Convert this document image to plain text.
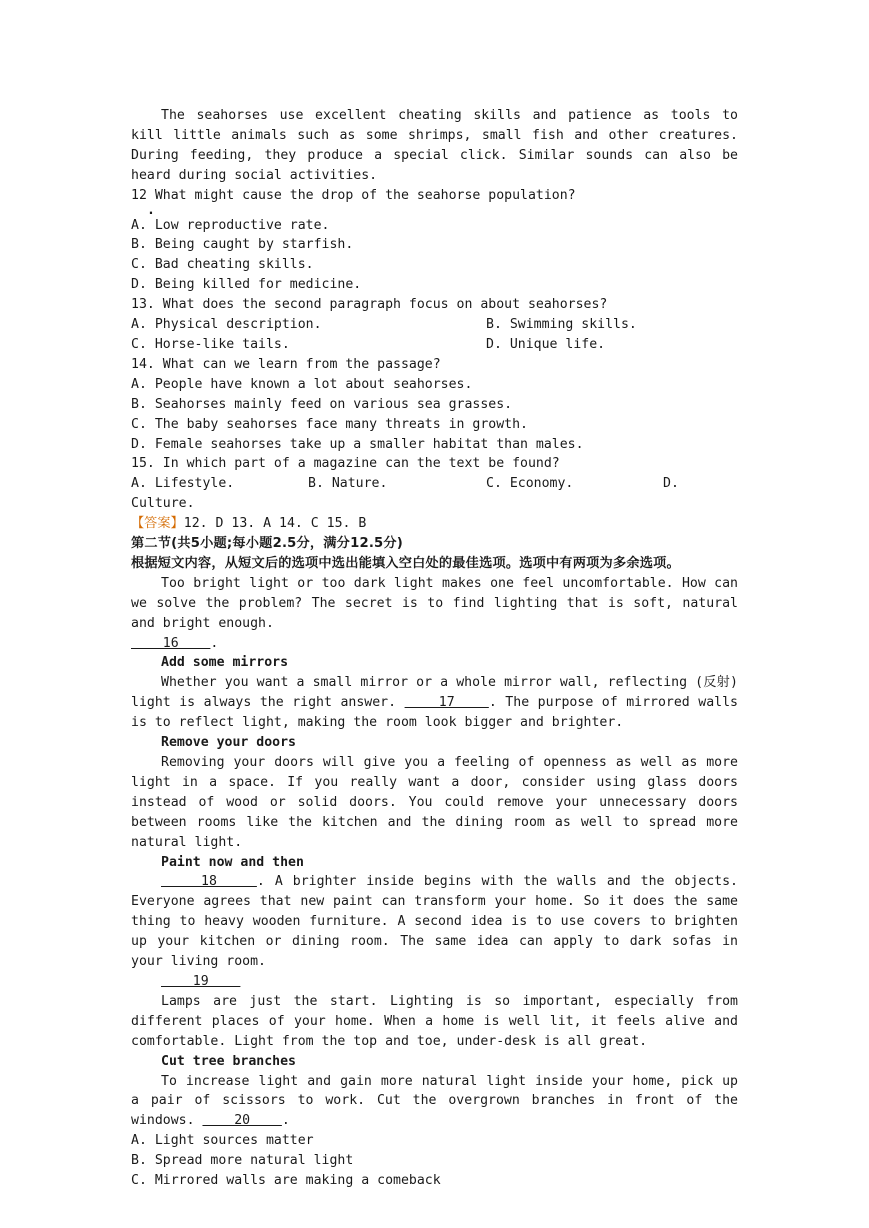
The seahorses use excellent cheating skills and patience as tools to kill little animals such as some shrimps, small fish and other creatures. During feeding, they produce a special click. Similar sounds can also be heard during social activities.

12 What might cause the drop of the seahorse population?
.
A. Low reproductive rate.
B. Being caught by starfish.
C. Bad cheating skills.
D. Being killed for medicine.
13. What does the second paragraph focus on about seahorses?
A. Physical description.	B. Swimming skills.
C. Horse-like tails.	D. Unique life.
14. What can we learn from the passage?
A. People have known a lot about seahorses.
B. Seahorses mainly feed on various sea grasses.
C. The baby seahorses face many threats in growth.
D. Female seahorses take up a smaller habitat than males.
15. In which part of a magazine can the text be found?
A. Lifestyle.	B. Nature.	C. Economy.	D.
Culture.
【答案】12. D 13. A 14. C 15. B
第二节(共5小题;每小题2.5分，满分12.5分)
根据短文内容，从短文后的选项中选出能填入空白处的最佳选项。选项中有两项为多余选项。

Too bright light or too dark light makes one feel uncomfortable. How can we solve the problem? The secret is to find lighting that is soft, natural and bright enough.

16    .
Add some mirrors

Whether you want a small mirror or a whole mirror wall, reflecting (反射) light is always the right answer.     17    . The purpose of mirrored walls is to reflect light, making the room look bigger and brighter.

Remove your doors

Removing your doors will give you a feeling of openness as well as more light in a space. If you really want a door, consider using glass doors instead of wood or solid doors. You could remove your unnecessary doors between rooms like the kitchen and the dining room as well to spread more natural light.

Paint now and then

18    . A brighter inside begins with the walls and the objects. Everyone agrees that new paint can transform your home. So it does the same thing to heavy wooden furniture. A second idea is to use covers to brighten up your kitchen or dining room. The same idea can apply to dark sofas in your living room.

19

Lamps are just the start. Lighting is so important, especially from different places of your home. When a home is well lit, it feels alive and comfortable. Light from the top and toe, under-desk is all great.

Cut tree branches

To increase light and gain more natural light inside your home, pick up a pair of scissors to work. Cut the overgrown branches in front of the windows.     20    .

A. Light sources matter
B. Spread more natural light
C. Mirrored walls are making a comeback
